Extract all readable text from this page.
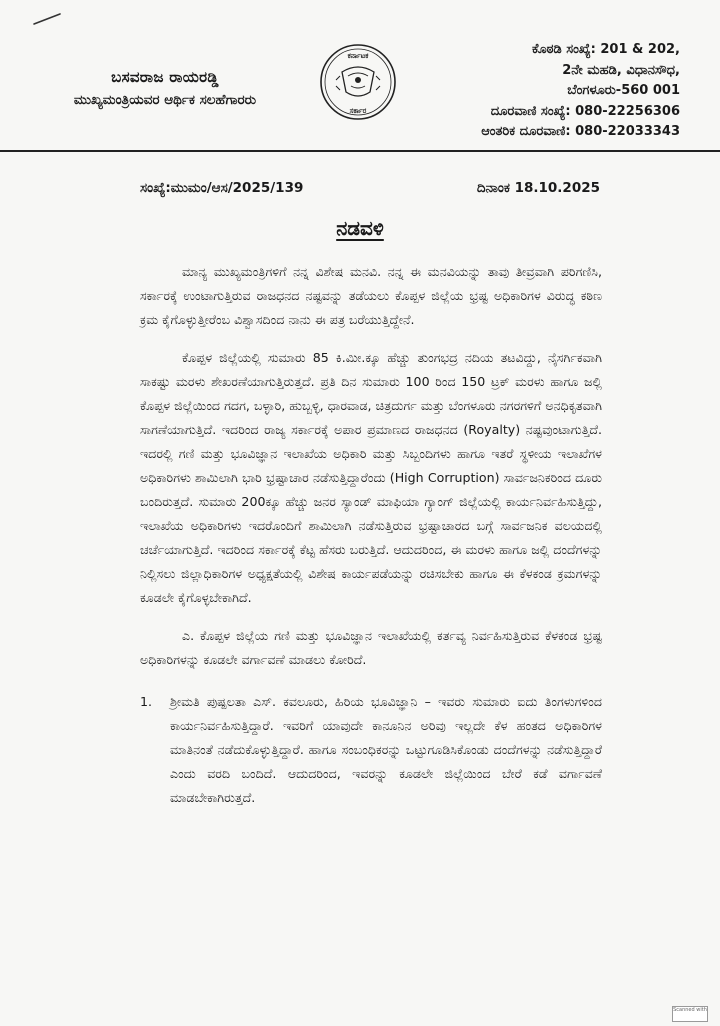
ಬಸವರಾಜ ರಾಯರಡ್ಡಿ
ಮುಖ್ಯಮಂತ್ರಿಯವರ ಆರ್ಥಿಕ ಸಲಹೆಗಾರರು
ಕರ್ನಾಟಕ
ಸರ್ಕಾರ
ಕೊಠಡಿ ಸಂಖ್ಯೆ: 201 & 202,
2ನೇ ಮಹಡಿ, ವಿಧಾನಸೌಧ,
ಬೆಂಗಳೂರು-560 001
ದೂರವಾಣಿ ಸಂಖ್ಯೆ: 080-22256306
ಆಂತರಿಕ ದೂರವಾಣಿ: 080-22033343
ಸಂಖ್ಯೆ:ಮುಮಂ/ಆಸ/2025/139	ದಿನಾಂಕ 18.10.2025
ನಡವಳಿ

ಮಾನ್ಯ ಮುಖ್ಯಮಂತ್ರಿಗಳಿಗೆ ನನ್ನ ವಿಶೇಷ ಮನವಿ. ನನ್ನ ಈ ಮನವಿಯನ್ನು ತಾವು ತೀವ್ರವಾಗಿ ಪರಿಗಣಿಸಿ, ಸರ್ಕಾರಕ್ಕೆ ಉಂಟಾಗುತ್ತಿರುವ ರಾಜಧನದ ನಷ್ಟವನ್ನು ತಡೆಯಲು ಕೊಪ್ಪಳ ಜಿಲ್ಲೆಯ ಭ್ರಷ್ಟ ಅಧಿಕಾರಿಗಳ ವಿರುದ್ಧ ಕಠಿಣ ಕ್ರಮ ಕೈಗೊಳ್ಳುತ್ತೀರೆಂಬ ವಿಶ್ವಾಸದಿಂದ ನಾನು ಈ ಪತ್ರ ಬರೆಯುತ್ತಿದ್ದೇನೆ.

ಕೊಪ್ಪಳ ಜಿಲ್ಲೆಯಲ್ಲಿ ಸುಮಾರು 85 ಕಿ.ಮೀ.ಕ್ಕೂ ಹೆಚ್ಚು ತುಂಗಭದ್ರ ನದಿಯ ತಟವಿದ್ದು, ನೈಸರ್ಗಿಕವಾಗಿ ಸಾಕಷ್ಟು ಮರಳು ಶೇಖರಣೆಯಾಗುತ್ತಿರುತ್ತದೆ. ಪ್ರತಿ ದಿನ ಸುಮಾರು 100 ರಿಂದ 150 ಟ್ರಕ್ ಮರಳು ಹಾಗೂ ಜಲ್ಲಿ ಕೊಪ್ಪಳ ಜಿಲ್ಲೆಯಿಂದ ಗದಗ, ಬಳ್ಳಾರಿ, ಹುಬ್ಬಳ್ಳಿ, ಧಾರವಾಡ, ಚಿತ್ರದುರ್ಗ ಮತ್ತು ಬೆಂಗಳೂರು ನಗರಗಳಿಗೆ ಅನಧಿಕೃತವಾಗಿ ಸಾಗಣೆಯಾಗುತ್ತಿದೆ. ಇದರಿಂದ ರಾಜ್ಯ ಸರ್ಕಾರಕ್ಕೆ ಅಪಾರ ಪ್ರಮಾಣದ ರಾಜಧನದ (Royalty) ನಷ್ಟವುಂಟಾಗುತ್ತಿದೆ. ಇದರಲ್ಲಿ ಗಣಿ ಮತ್ತು ಭೂವಿಜ್ಞಾನ ಇಲಾಖೆಯ ಅಧಿಕಾರಿ ಮತ್ತು ಸಿಬ್ಬಂದಿಗಳು ಹಾಗೂ ಇತರೆ ಸ್ಥಳೀಯ ಇಲಾಖೆಗಳ ಅಧಿಕಾರಿಗಳು ಶಾಮಿಲಾಗಿ ಭಾರಿ ಭ್ರಷ್ಟಾಚಾರ ನಡೆಸುತ್ತಿದ್ದಾರೆಂದು (High Corruption) ಸಾರ್ವಜನಿಕರಿಂದ ದೂರು ಬಂದಿರುತ್ತದೆ. ಸುಮಾರು 200ಕ್ಕೂ ಹೆಚ್ಚು ಜನರ ಸ್ಯಾಂಡ್ ಮಾಫಿಯಾ ಗ್ಯಾಂಗ್ ಜಿಲ್ಲೆಯಲ್ಲಿ ಕಾರ್ಯನಿರ್ವಹಿಸುತ್ತಿದ್ದು, ಇಲಾಖೆಯ ಅಧಿಕಾರಿಗಳು ಇದರೊಂದಿಗೆ ಶಾಮಿಲಾಗಿ ನಡೆಸುತ್ತಿರುವ ಭ್ರಷ್ಟಾಚಾರದ ಬಗ್ಗೆ ಸಾರ್ವಜನಿಕ ವಲಯದಲ್ಲಿ ಚರ್ಚೆಯಾಗುತ್ತಿದೆ. ಇದರಿಂದ ಸರ್ಕಾರಕ್ಕೆ ಕೆಟ್ಟ ಹೆಸರು ಬರುತ್ತಿದೆ. ಆದುದರಿಂದ, ಈ ಮರಳು ಹಾಗೂ ಜಲ್ಲಿ ದಂದೆಗಳನ್ನು ನಿಲ್ಲಿಸಲು ಜಿಲ್ಲಾಧಿಕಾರಿಗಳ ಅಧ್ಯಕ್ಷತೆಯಲ್ಲಿ ವಿಶೇಷ ಕಾರ್ಯಪಡೆಯನ್ನು ರಚಿಸಬೇಕು ಹಾಗೂ ಈ ಕೆಳಕಂಡ ಕ್ರಮಗಳನ್ನು ಕೂಡಲೇ ಕೈಗೊಳ್ಳಬೇಕಾಗಿದೆ.

ಎ. ಕೊಪ್ಪಳ ಜಿಲ್ಲೆಯ ಗಣಿ ಮತ್ತು ಭೂವಿಜ್ಞಾನ ಇಲಾಖೆಯಲ್ಲಿ ಕರ್ತವ್ಯ ನಿರ್ವಹಿಸುತ್ತಿರುವ ಕೆಳಕಂಡ ಭ್ರಷ್ಟ ಅಧಿಕಾರಿಗಳನ್ನು ಕೂಡಲೇ ವರ್ಗಾವಣೆ ಮಾಡಲು ಕೋರಿದೆ.

1.	ಶ್ರೀಮತಿ ಪುಷ್ಪಲತಾ ಎಸ್. ಕವಲೂರು, ಹಿರಿಯ ಭೂವಿಜ್ಞಾನಿ – ಇವರು ಸುಮಾರು ಐದು ತಿಂಗಳುಗಳಿಂದ ಕಾರ್ಯನಿರ್ವಹಿಸುತ್ತಿದ್ದಾರೆ. ಇವರಿಗೆ ಯಾವುದೇ ಕಾನೂನಿನ ಅರಿವು ಇಲ್ಲದೇ ಕೆಳ ಹಂತದ ಅಧಿಕಾರಿಗಳ ಮಾತಿನಂತೆ ನಡೆದುಕೊಳ್ಳುತ್ತಿದ್ದಾರೆ. ಹಾಗೂ ಸಂಬಂಧಿಕರನ್ನು ಒಟ್ಟುಗೂಡಿಸಿಕೊಂಡು ದಂದೆಗಳನ್ನು ನಡೆಸುತ್ತಿದ್ದಾರೆ ಎಂದು ವರದಿ ಬಂದಿದೆ. ಆದುದರಿಂದ, ಇವರನ್ನು ಕೂಡಲೇ ಜಿಲ್ಲೆಯಿಂದ ಬೇರೆ ಕಡೆ ವರ್ಗಾವಣೆ ಮಾಡಬೇಕಾಗಿರುತ್ತದೆ.
Scanned with
